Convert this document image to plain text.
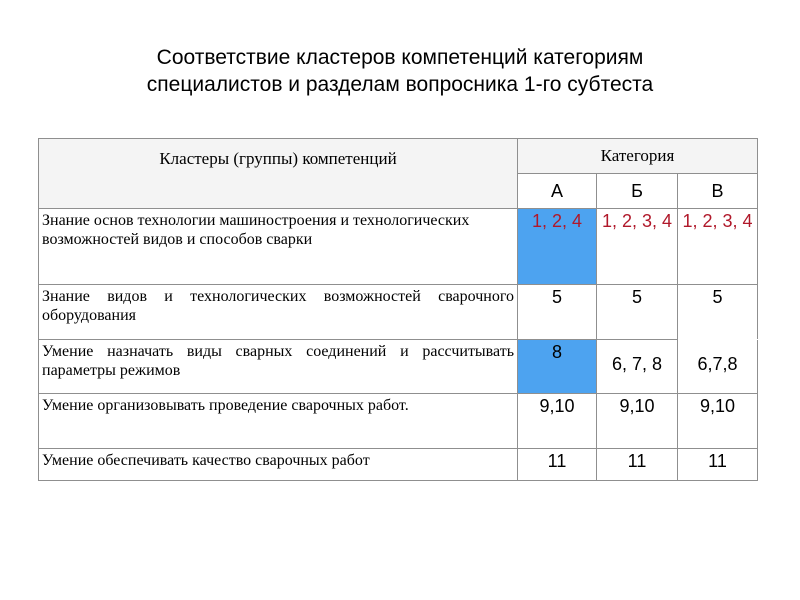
Соответствие кластеров компетенций категориям
специалистов и разделам вопросника 1-го субтеста
Кластеры (группы) компетенций	Категория		
	А	Б	В
Знание основ технологии машиностроения и технологических возможностей видов и способов сварки	1, 2, 4	1, 2, 3, 4	1, 2, 3, 4
Знание видов и технологических возможностей сварочного оборудования	5	5	5
Умение назначать виды сварных соединений и рассчитывать параметры режимов	8	6, 7, 8	6,7,8
Умение организовывать проведение сварочных работ.	9,10	9,10	9,10
Умение обеспечивать качество сварочных работ	11	11	11
